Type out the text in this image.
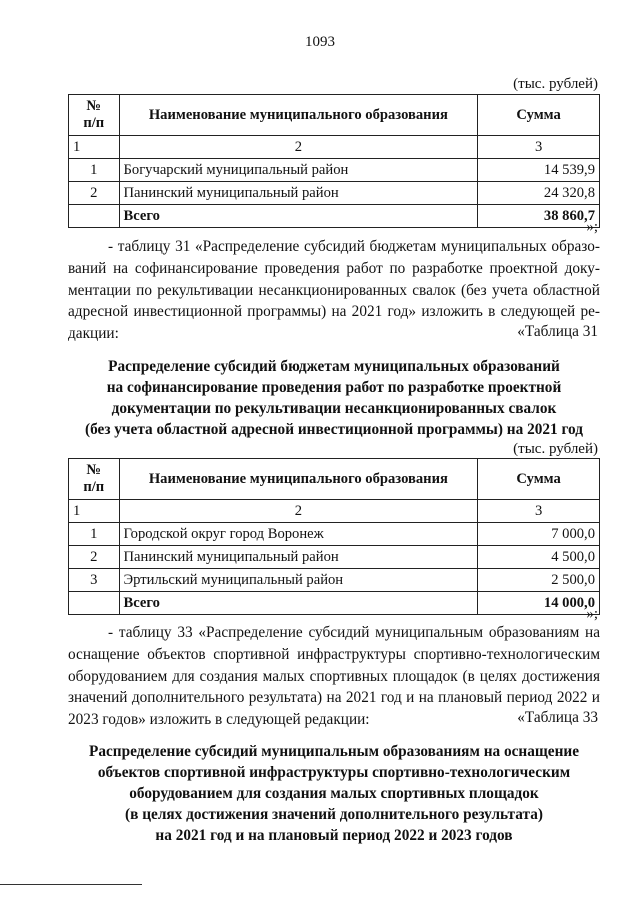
1093
(тыс. рублей)
№
п/п	Наименование муниципального образования	Сумма
1	2	3
1	Богучарский муниципальный район	14 539,9
2	Панинский муниципальный район	24 320,8
	Всего	38 860,7
»;
- таблицу 31 «Распределение субсидий бюджетам муниципальных образо-
ваний на софинансирование проведения работ по разработке проектной доку-
ментации по рекультивации несанкционированных свалок (без учета областной
адресной инвестиционной программы) на 2021 год» изложить в следующей ре-
дакции:	«Таблица 31
Распределение субсидий бюджетам муниципальных образований
на софинансирование проведения работ по разработке проектной
документации по рекультивации несанкционированных свалок
(без учета областной адресной инвестиционной программы) на 2021 год
(тыс. рублей)
№
п/п	Наименование муниципального образования	Сумма
1	2	3
1	Городской округ город Воронеж	7 000,0
2	Панинский муниципальный район	4 500,0
3	Эртильский муниципальный район	2 500,0
	Всего	14 000,0
»;
- таблицу 33 «Распределение субсидий муниципальным образованиям на
оснащение объектов спортивной инфраструктуры спортивно-технологическим
оборудованием для создания малых спортивных площадок (в целях достижения
значений дополнительного результата) на 2021 год и на плановый период 2022 и
2023 годов» изложить в следующей редакции:	«Таблица 33
Распределение субсидий муниципальным образованиям на оснащение
объектов спортивной инфраструктуры спортивно-технологическим
оборудованием для создания малых спортивных площадок
(в целях достижения значений дополнительного результата)
на 2021 год и на плановый период 2022 и 2023 годов
